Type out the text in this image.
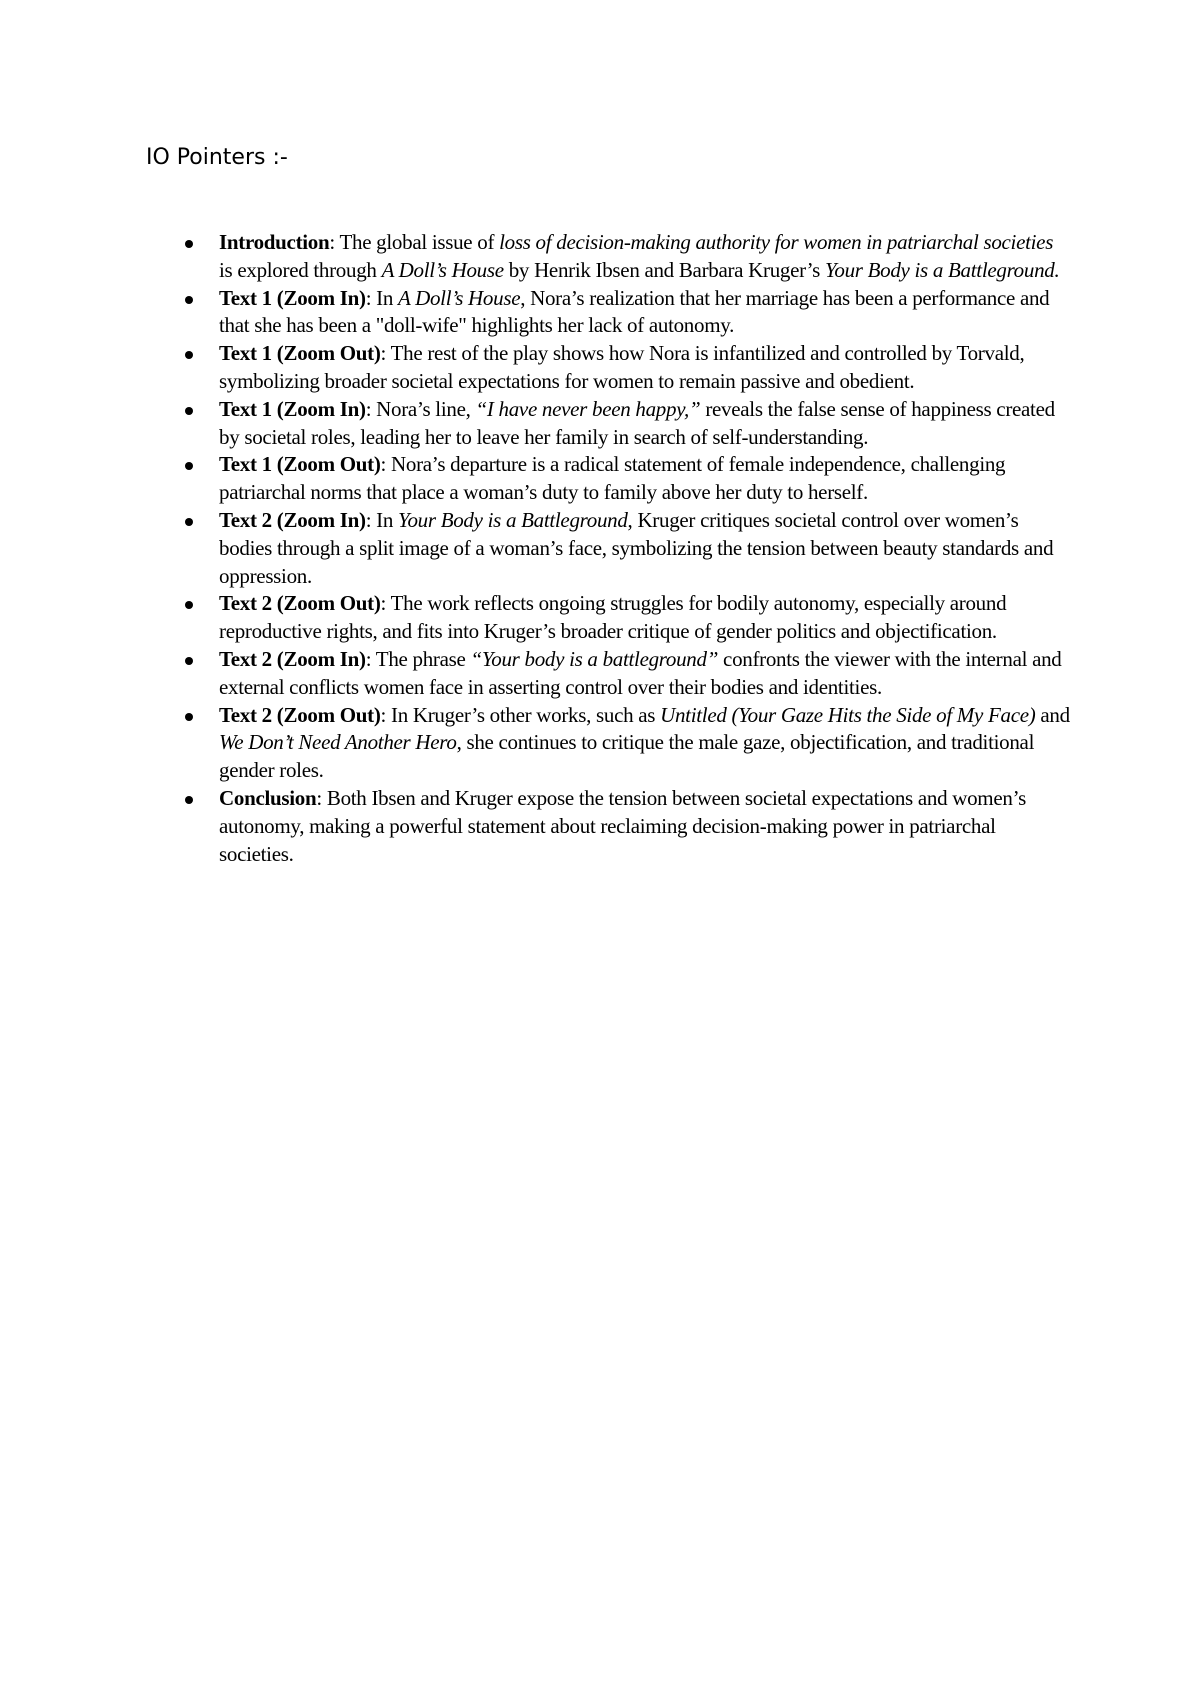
IO Pointers :-
Introduction: The global issue of loss of decision-making authority for women in patriarchal societies is explored through A Doll’s House by Henrik Ibsen and Barbara Kruger’s Your Body is a Battleground.
Text 1 (Zoom In): In A Doll’s House, Nora’s realization that her marriage has been a performance and that she has been a "doll-wife" highlights her lack of autonomy.
Text 1 (Zoom Out): The rest of the play shows how Nora is infantilized and controlled by Torvald, symbolizing broader societal expectations for women to remain passive and obedient.
Text 1 (Zoom In): Nora’s line, “I have never been happy,” reveals the false sense of happiness created by societal roles, leading her to leave her family in search of self-understanding.
Text 1 (Zoom Out): Nora’s departure is a radical statement of female independence, challenging patriarchal norms that place a woman’s duty to family above her duty to herself.
Text 2 (Zoom In): In Your Body is a Battleground, Kruger critiques societal control over women’s bodies through a split image of a woman’s face, symbolizing the tension between beauty standards and oppression.
Text 2 (Zoom Out): The work reflects ongoing struggles for bodily autonomy, especially around reproductive rights, and fits into Kruger’s broader critique of gender politics and objectification.
Text 2 (Zoom In): The phrase “Your body is a battleground” confronts the viewer with the internal and external conflicts women face in asserting control over their bodies and identities.
Text 2 (Zoom Out): In Kruger’s other works, such as Untitled (Your Gaze Hits the Side of My Face) and We Don’t Need Another Hero, she continues to critique the male gaze, objectification, and traditional gender roles.
Conclusion: Both Ibsen and Kruger expose the tension between societal expectations and women’s autonomy, making a powerful statement about reclaiming decision-making power in patriarchal societies.
